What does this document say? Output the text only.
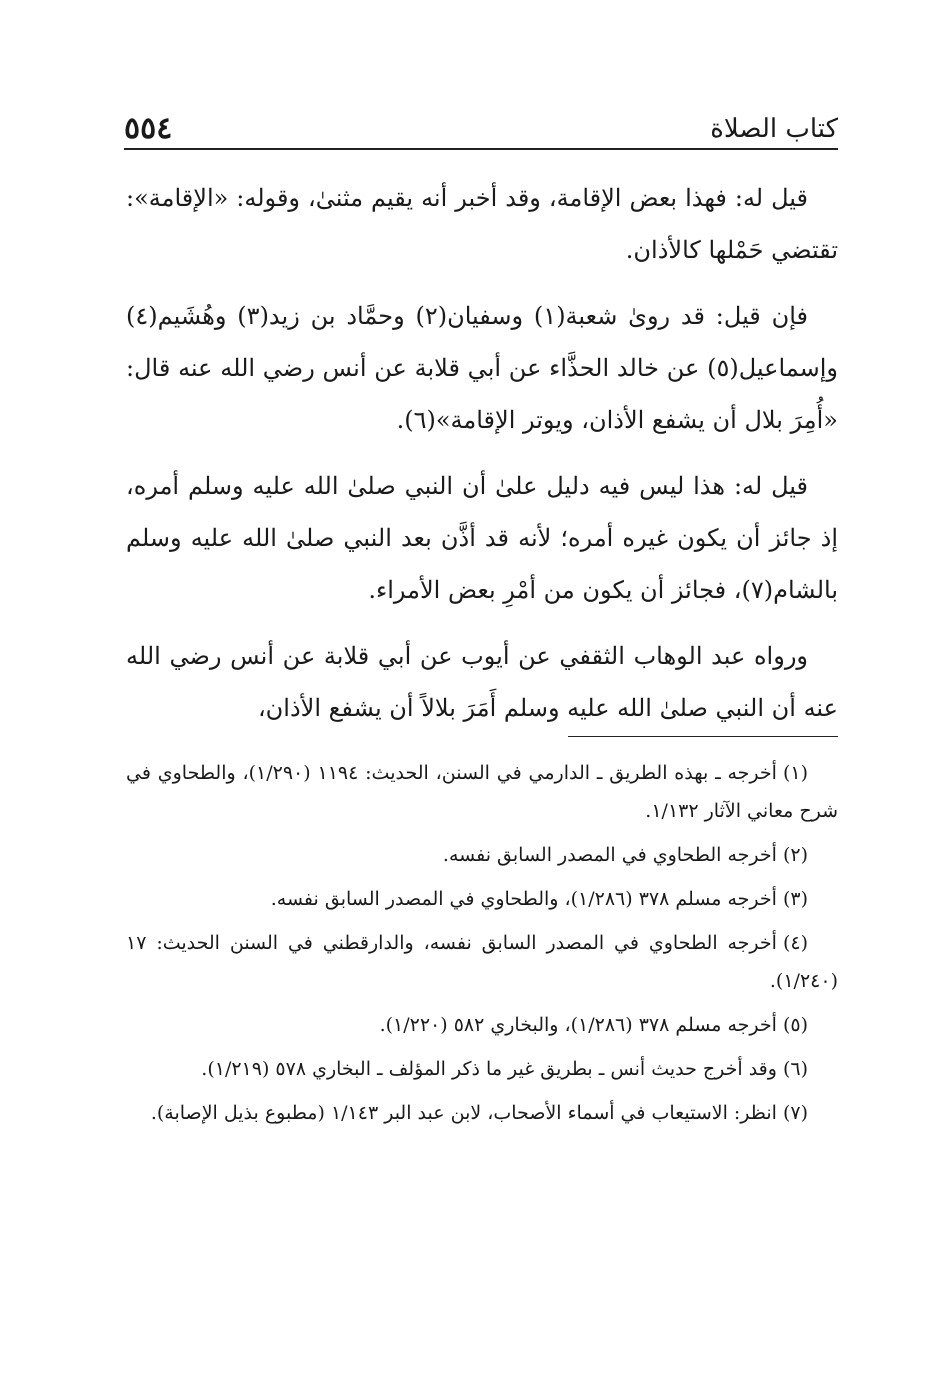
كتاب الصلاة
٥٥٤

قيل له: فهذا بعض الإقامة، وقد أخبر أنه يقيم مثنىٰ، وقوله: «الإقامة»: تقتضي حَمْلها كالأذان.

فإن قيل: قد روىٰ شعبة(١) وسفيان(٢) وحمَّاد بن زيد(٣) وهُشَيم(٤) وإسماعيل(٥) عن خالد الحذَّاء عن أبي قلابة عن أنس رضي الله عنه قال: «أُمِرَ بلال أن يشفع الأذان، ويوتر الإقامة»(٦).

قيل له: هذا ليس فيه دليل علىٰ أن النبي صلىٰ الله عليه وسلم أمره، إذ جائز أن يكون غيره أمره؛ لأنه قد أذَّن بعد النبي صلىٰ الله عليه وسلم بالشام(٧)، فجائز أن يكون من أمْرِ بعض الأمراء.

ورواه عبد الوهاب الثقفي عن أيوب عن أبي قلابة عن أنس رضي الله عنه أن النبي صلىٰ الله عليه وسلم أَمَرَ بلالاً أن يشفع الأذان،

(١)أخرجه ـ بهذه الطريق ـ الدارمي في السنن، الحديث: ١١٩٤ (١/٢٩٠)، والطحاوي في شرح معاني الآثار ١/١٣٢.

(٢)أخرجه الطحاوي في المصدر السابق نفسه.

(٣)أخرجه مسلم ٣٧٨ (١/٢٨٦)، والطحاوي في المصدر السابق نفسه.

(٤)أخرجه الطحاوي في المصدر السابق نفسه، والدارقطني في السنن الحديث: ١٧ (١/٢٤٠).

(٥)أخرجه مسلم ٣٧٨ (١/٢٨٦)، والبخاري ٥٨٢ (١/٢٢٠).

(٦)وقد أخرج حديث أنس ـ بطريق غير ما ذكر المؤلف ـ البخاري ٥٧٨ (١/٢١٩).

(٧)انظر: الاستيعاب في أسماء الأصحاب، لابن عبد البر ١/١٤٣ (مطبوع بذيل الإصابة).
